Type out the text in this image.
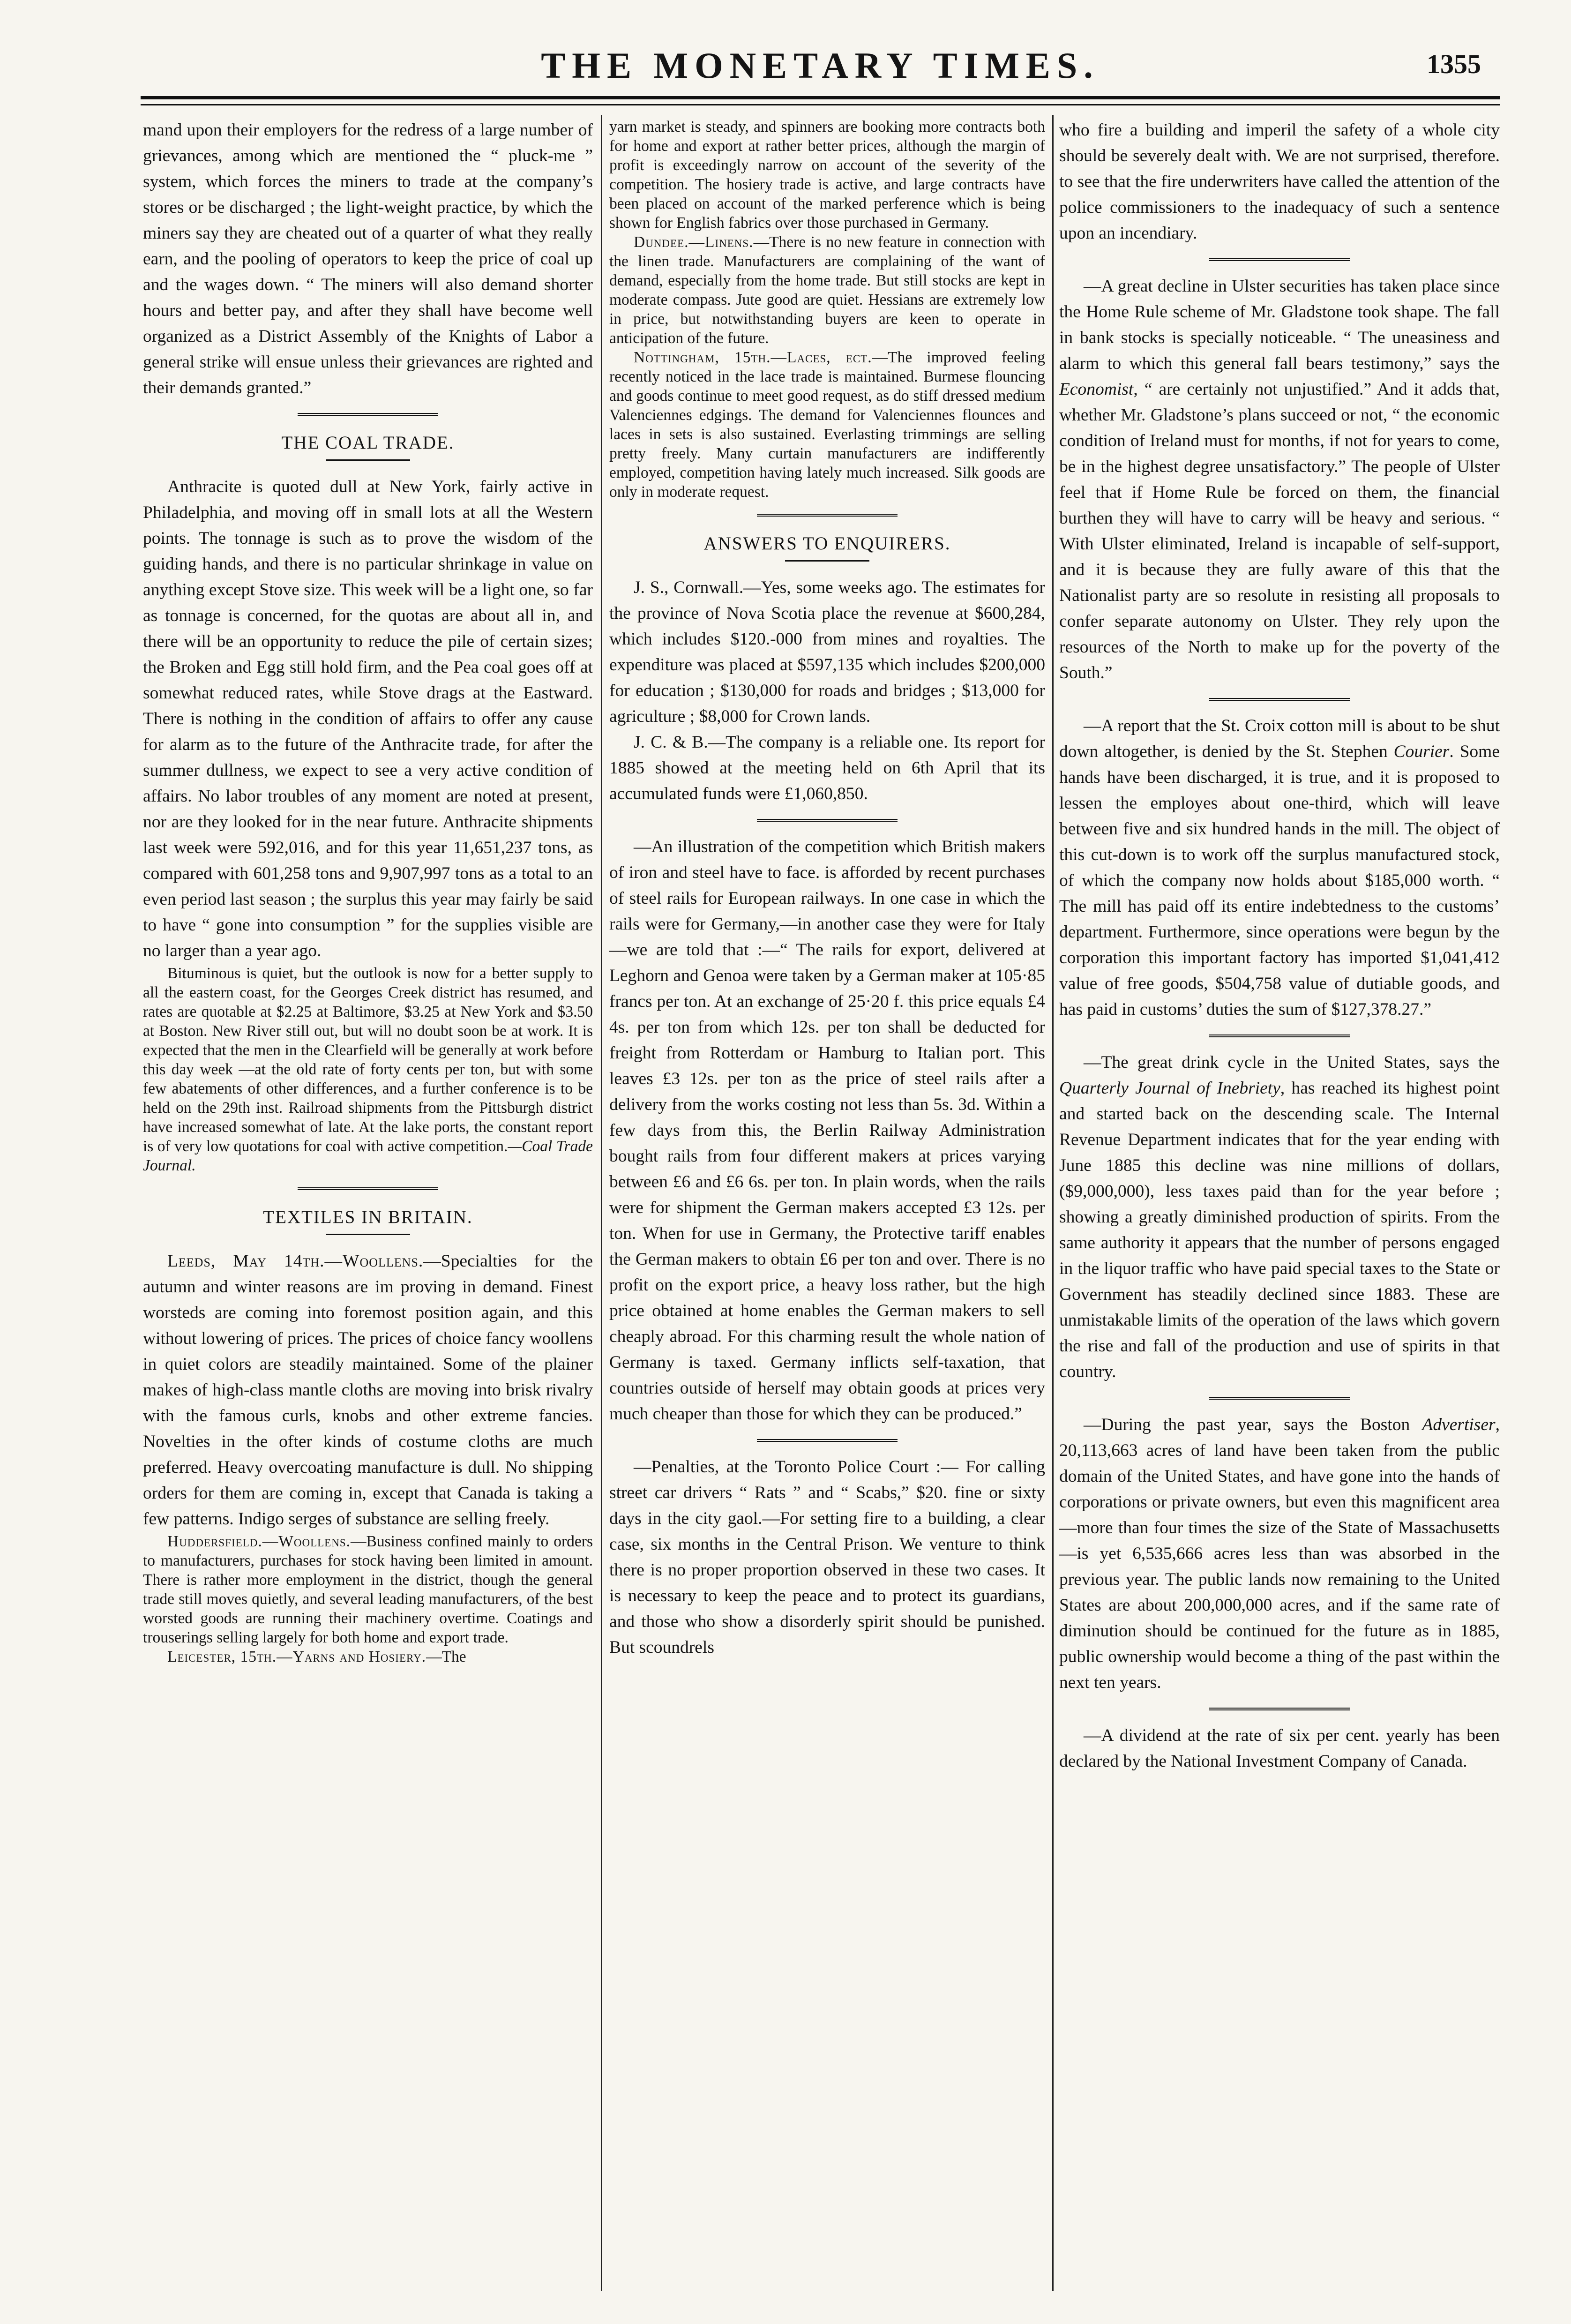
THE MONETARY TIMES.	1355

mand upon their employers for the redress of a large number of grievances, among which are mentioned the “ pluck-me ” system, which forces the miners to trade at the company’s stores or be discharged ; the light-weight practice, by which the miners say they are cheated out of a quarter of what they really earn, and the pooling of operators to keep the price of coal up and the wages down. “ The miners will also demand shorter hours and better pay, and after they shall have become well organized as a District Assembly of the Knights of Labor a general strike will ensue unless their grievances are righted and their demands granted.”

THE COAL TRADE.

Anthracite is quoted dull at New York, fairly active in Philadelphia, and moving off in small lots at all the Western points. The tonnage is such as to prove the wisdom of the guiding hands, and there is no particular shrinkage in value on anything except Stove size. This week will be a light one, so far as tonnage is concerned, for the quotas are about all in, and there will be an opportunity to reduce the pile of certain sizes; the Broken and Egg still hold firm, and the Pea coal goes off at somewhat reduced rates, while Stove drags at the Eastward. There is nothing in the condition of affairs to offer any cause for alarm as to the future of the Anthracite trade, for after the summer dullness, we expect to see a very active condition of affairs. No labor troubles of any moment are noted at present, nor are they looked for in the near future. Anthracite shipments last week were 592,016, and for this year 11,651,237 tons, as compared with 601,258 tons and 9,907,997 tons as a total to an even period last season ; the surplus this year may fairly be said to have “ gone into consumption ” for the supplies visible are no larger than a year ago.

Bituminous is quiet, but the outlook is now for a better supply to all the eastern coast, for the Georges Creek district has resumed, and rates are quotable at $2.25 at Baltimore, $3.25 at New York and $3.50 at Boston. New River still out, but will no doubt soon be at work. It is expected that the men in the Clearfield will be generally at work before this day week —at the old rate of forty cents per ton, but with some few abatements of other differences, and a further conference is to be held on the 29th inst. Railroad shipments from the Pittsburgh district have increased somewhat of late. At the lake ports, the constant report is of very low quotations for coal with active competition.—Coal Trade Journal.

TEXTILES IN BRITAIN.

Leeds, May 14th.—Woollens.—Specialties for the autumn and winter reasons are im proving in demand. Finest worsteds are coming into foremost position again, and this without lowering of prices. The prices of choice fancy woollens in quiet colors are steadily maintained. Some of the plainer makes of high-class mantle cloths are moving into brisk rivalry with the famous curls, knobs and other extreme fancies. Novelties in the ofter kinds of costume cloths are much preferred. Heavy overcoating manufacture is dull. No shipping orders for them are coming in, except that Canada is taking a few patterns. Indigo serges of substance are selling freely.

Huddersfield.—Woollens.—Business confined mainly to orders to manufacturers, purchases for stock having been limited in amount. There is rather more employment in the district, though the general trade still moves quietly, and several leading manufacturers, of the best worsted goods are running their machinery overtime. Coatings and trouserings selling largely for both home and export trade.

Leicester, 15th.—Yarns and Hosiery.—The

yarn market is steady, and spinners are booking more contracts both for home and export at rather better prices, although the margin of profit is exceedingly narrow on account of the severity of the competition. The hosiery trade is active, and large contracts have been placed on account of the marked perference which is being shown for English fabrics over those purchased in Germany.

Dundee.—Linens.—There is no new feature in connection with the linen trade. Manufacturers are complaining of the want of demand, especially from the home trade. But still stocks are kept in moderate compass. Jute good are quiet. Hessians are extremely low in price, but notwithstanding buyers are keen to operate in anticipation of the future.

Nottingham, 15th.—Laces, ect.—The improved feeling recently noticed in the lace trade is maintained. Burmese flouncing and goods continue to meet good request, as do stiff dressed medium Valenciennes edgings. The demand for Valenciennes flounces and laces in sets is also sustained. Everlasting trimmings are selling pretty freely. Many curtain manufacturers are indifferently employed, competition having lately much increased. Silk goods are only in moderate request.

ANSWERS TO ENQUIRERS.

J. S., Cornwall.—Yes, some weeks ago. The estimates for the province of Nova Scotia place the revenue at $600,284, which includes $120.-000 from mines and royalties. The expenditure was placed at $597,135 which includes $200,000 for education ; $130,000 for roads and bridges ; $13,000 for agriculture ; $8,000 for Crown lands.

J. C. & B.—The company is a reliable one. Its report for 1885 showed at the meeting held on 6th April that its accumulated funds were £1,060,850.

—An illustration of the competition which British makers of iron and steel have to face. is afforded by recent purchases of steel rails for European railways. In one case in which the rails were for Germany,—in another case they were for Italy—we are told that :—“ The rails for export, delivered at Leghorn and Genoa were taken by a German maker at 105·85 francs per ton. At an exchange of 25·20 f. this price equals £4 4s. per ton from which 12s. per ton shall be deducted for freight from Rotterdam or Hamburg to Italian port. This leaves £3 12s. per ton as the price of steel rails after a delivery from the works costing not less than 5s. 3d. Within a few days from this, the Berlin Railway Administration bought rails from four different makers at prices varying between £6 and £6 6s. per ton. In plain words, when the rails were for shipment the German makers accepted £3 12s. per ton. When for use in Germany, the Protective tariff enables the German makers to obtain £6 per ton and over. There is no profit on the export price, a heavy loss rather, but the high price obtained at home enables the German makers to sell cheaply abroad. For this charming result the whole nation of Germany is taxed. Germany inflicts self-taxation, that countries outside of herself may obtain goods at prices very much cheaper than those for which they can be produced.”

—Penalties, at the Toronto Police Court :— For calling street car drivers “ Rats ” and “ Scabs,” $20. fine or sixty days in the city gaol.—For setting fire to a building, a clear case, six months in the Central Prison. We venture to think there is no proper proportion observed in these two cases. It is necessary to keep the peace and to protect its guardians, and those who show a disorderly spirit should be punished. But scoundrels

who fire a building and imperil the safety of a whole city should be severely dealt with. We are not surprised, therefore. to see that the fire underwriters have called the attention of the police commissioners to the inadequacy of such a sentence upon an incendiary.

—A great decline in Ulster securities has taken place since the Home Rule scheme of Mr. Gladstone took shape. The fall in bank stocks is specially noticeable. “ The uneasiness and alarm to which this general fall bears testimony,” says the Economist, “ are certainly not unjustified.” And it adds that, whether Mr. Gladstone’s plans succeed or not, “ the economic condition of Ireland must for months, if not for years to come, be in the highest degree unsatisfactory.” The people of Ulster feel that if Home Rule be forced on them, the financial burthen they will have to carry will be heavy and serious. “ With Ulster eliminated, Ireland is incapable of self-support, and it is because they are fully aware of this that the Nationalist party are so resolute in resisting all proposals to confer separate autonomy on Ulster. They rely upon the resources of the North to make up for the poverty of the South.”

—A report that the St. Croix cotton mill is about to be shut down altogether, is denied by the St. Stephen Courier. Some hands have been discharged, it is true, and it is proposed to lessen the employes about one-third, which will leave between five and six hundred hands in the mill. The object of this cut-down is to work off the surplus manufactured stock, of which the company now holds about $185,000 worth. “ The mill has paid off its entire indebtedness to the customs’ department. Furthermore, since operations were begun by the corporation this important factory has imported $1,041,412 value of free goods, $504,758 value of dutiable goods, and has paid in customs’ duties the sum of $127,378.27.”

—The great drink cycle in the United States, says the Quarterly Journal of Inebriety, has reached its highest point and started back on the descending scale. The Internal Revenue Department indicates that for the year ending with June 1885 this decline was nine millions of dollars, ($9,000,000), less taxes paid than for the year before ; showing a greatly diminished production of spirits. From the same authority it appears that the number of persons engaged in the liquor traffic who have paid special taxes to the State or Government has steadily declined since 1883. These are unmistakable limits of the operation of the laws which govern the rise and fall of the production and use of spirits in that country.

—During the past year, says the Boston Advertiser, 20,113,663 acres of land have been taken from the public domain of the United States, and have gone into the hands of corporations or private owners, but even this magnificent area—more than four times the size of the State of Massachusetts—is yet 6,535,666 acres less than was absorbed in the previous year. The public lands now remaining to the United States are about 200,000,000 acres, and if the same rate of diminution should be continued for the future as in 1885, public ownership would become a thing of the past within the next ten years.

—A dividend at the rate of six per cent. yearly has been declared by the National Investment Company of Canada.
